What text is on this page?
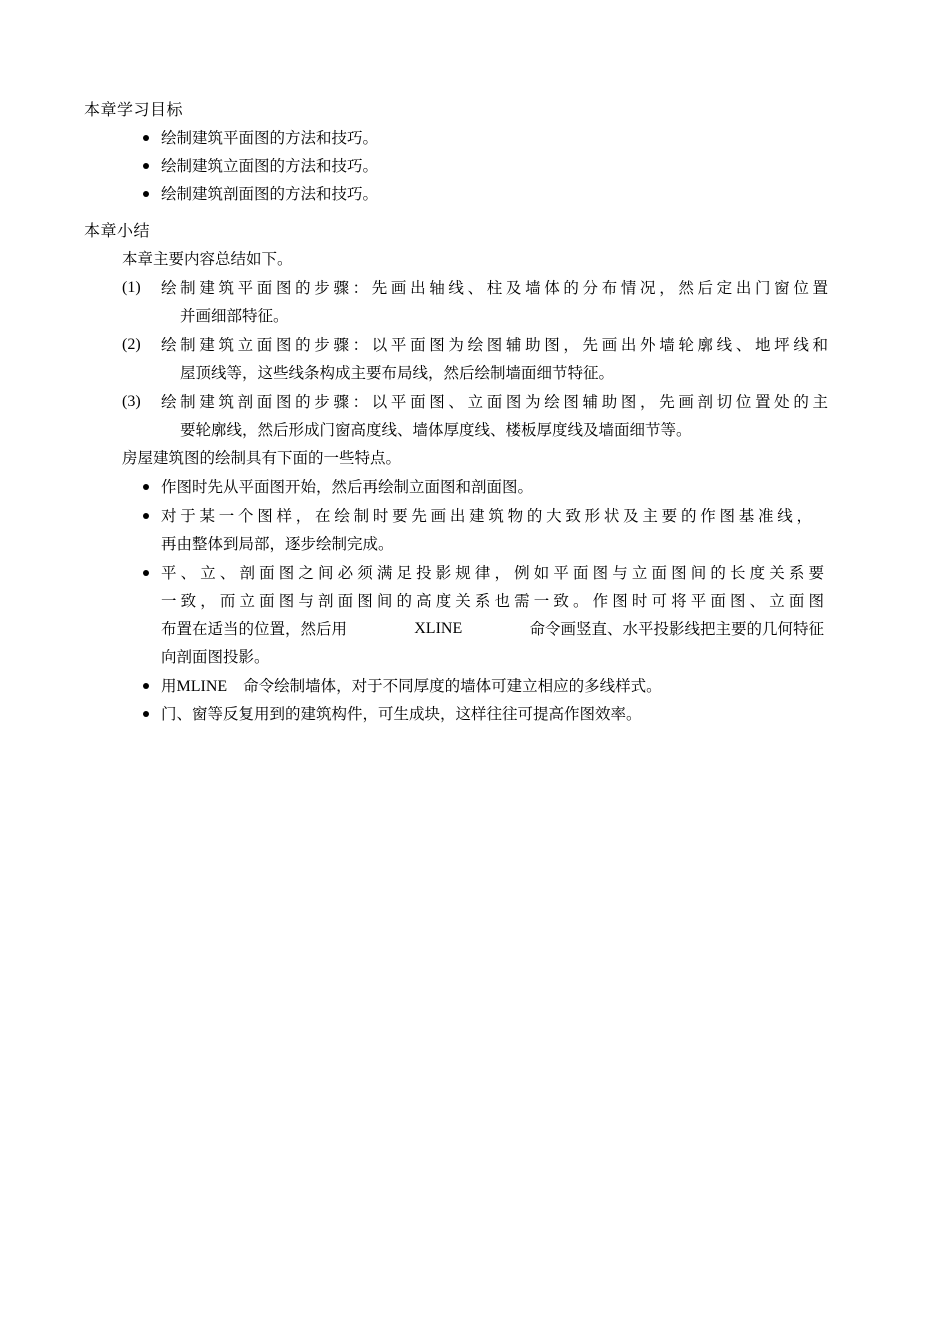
本章学习目标
绘制建筑平面图的方法和技巧。
绘制建筑立面图的方法和技巧。
绘制建筑剖面图的方法和技巧。
本章小结
本章主要内容总结如下。
(1) 绘制建筑平面图的步骤：先画出轴线、柱及墙体的分布情况，然后定出门窗位置
并画细部特征。
(2) 绘制建筑立面图的步骤：以平面图为绘图辅助图，先画出外墙轮廓线、地坪线和
屋顶线等，这些线条构成主要布局线，然后绘制墙面细节特征。
(3) 绘制建筑剖面图的步骤：以平面图、立面图为绘图辅助图，先画剖切位置处的主
要轮廓线，然后形成门窗高度线、墙体厚度线、楼板厚度线及墙面细节等。
房屋建筑图的绘制具有下面的一些特点。
作图时先从平面图开始，然后再绘制立面图和剖面图。
对于某一个图样，在绘制时要先画出建筑物的大致形状及主要的作图基准线，
再由整体到局部，逐步绘制完成。
平、立、剖面图之间必须满足投影规律，例如平面图与立面图间的长度关系要
一致，而立面图与剖面图间的高度关系也需一致。作图时可将平面图、立面图
布置在适当的位置，然后用	XLINE	命令画竖直、水平投影线把主要的几何特征
向剖面图投影。
用MLINE 命令绘制墙体，对于不同厚度的墙体可建立相应的多线样式。
门、窗等反复用到的建筑构件，可生成块，这样往往可提高作图效率。
